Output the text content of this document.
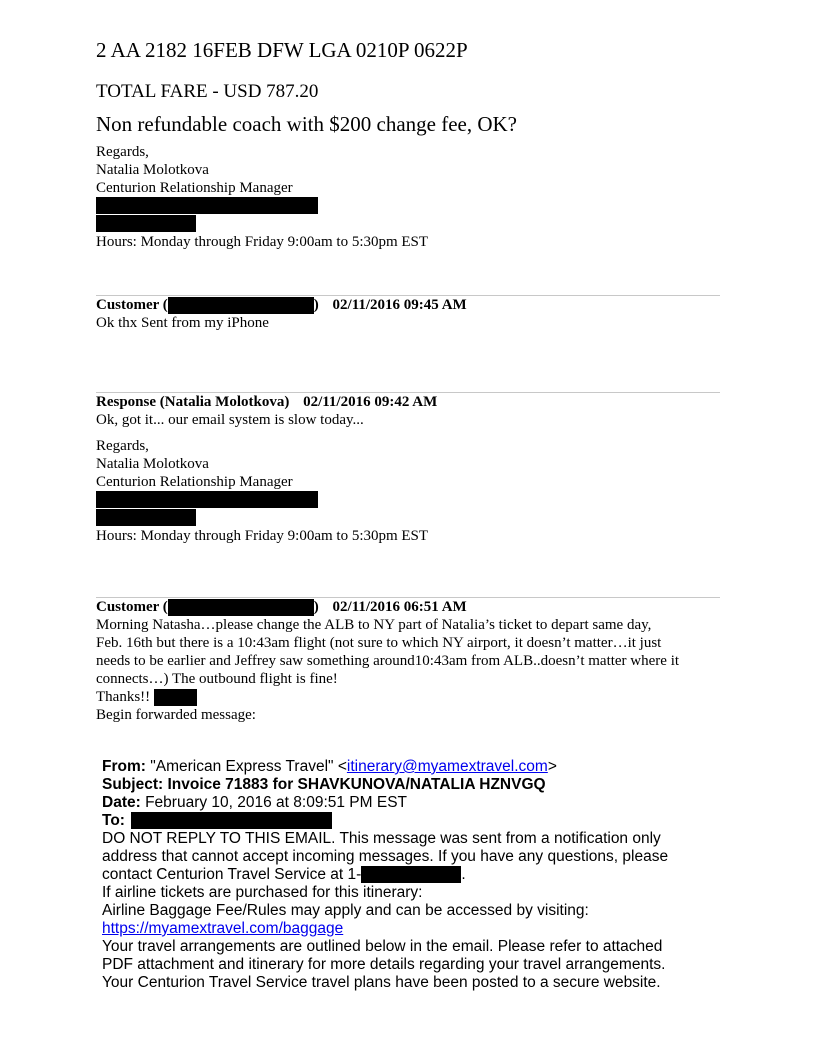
2 AA 2182 16FEB DFW LGA 0210P 0622P
TOTAL FARE - USD 787.20
Non refundable coach with $200 change fee, OK?
Regards,
Natalia Molotkova
Centurion Relationship Manager
Hours: Monday through Friday 9:00am to 5:30pm EST
Customer (	) 02/11/2016 09:45 AM
Ok thx Sent from my iPhone
Response (Natalia Molotkova) 02/11/2016 09:42 AM
Ok, got it... our email system is slow today...
Regards,
Natalia Molotkova
Centurion Relationship Manager
Hours: Monday through Friday 9:00am to 5:30pm EST
Customer (	) 02/11/2016 06:51 AM
Morning Natasha…please change the ALB to NY part of Natalia’s ticket to depart same day,
Feb. 16th but there is a 10:43am flight (not sure to which NY airport, it doesn’t matter…it just
needs to be earlier and Jeffrey saw something around10:43am from ALB..doesn’t matter where it
connects…) The outbound flight is fine!
Thanks!!
Begin forwarded message:
From: "American Express Travel" <itinerary@myamextravel.com>
Subject: Invoice 71883 for SHAVKUNOVA/NATALIA HZNVGQ
Date: February 10, 2016 at 8:09:51 PM EST
To:
DO NOT REPLY TO THIS EMAIL. This message was sent from a notification only
address that cannot accept incoming messages. If you have any questions, please
contact Centurion Travel Service at 1-	.
If airline tickets are purchased for this itinerary:
Airline Baggage Fee/Rules may apply and can be accessed by visiting:
https://myamextravel.com/baggage
Your travel arrangements are outlined below in the email. Please refer to attached
PDF attachment and itinerary for more details regarding your travel arrangements.
Your Centurion Travel Service travel plans have been posted to a secure website.
